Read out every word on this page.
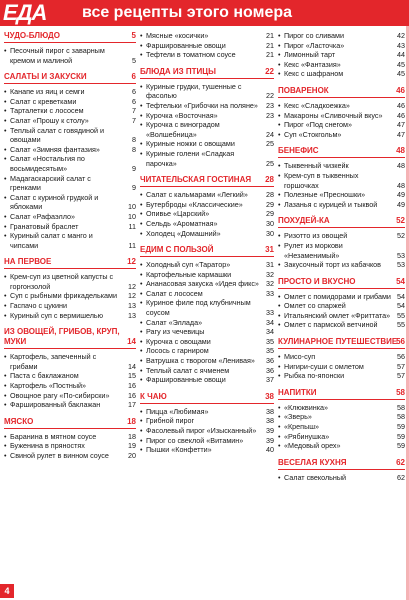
ЕДА все рецепты этого номера
ЧУДО-БЛЮДО	5
• Песочный пирог с заварным кремом и малиной	5
САЛАТЫ И ЗАКУСКИ	6
• Канапе из яиц и семги	6
• Салат с креветками	6
• Тарталетки с лососем	7
• Салат «Прошу к столу»	7
• Теплый салат с говядиной и овощами	8
• Салат «Зимняя фантазия»	8
• Салат «Ностальгия по восьмидесятым»	9
• Мадагаскарский салат с гренками	9
• Салат с куриной грудкой и яблоками	10
• Салат «Рафаэлло»	10
• Гранатовый браслет	11
• Куриный салат с манго и чипсами	11
НА ПЕРВОЕ	12
• Крем-суп из цветной капусты с горгонзолой	12
• Суп с рыбными фрикадельками 12
• Гаспачо с цукини	13
• Куриный суп с вермишелью	13
ИЗ ОВОЩЕЙ, ГРИБОВ, КРУП, МУКИ	14
• Картофель, запеченный с грибами	14
• Паста с баклажаном	15
• Картофель «Постный»	16
• Овощное рагу «По-сибирски»	16
• Фаршированный баклажан	17
МЯСКО	18
• Баранина в мятном соусе	18
• Буженина в пряностях	19
• Свиной рулет в винном соусе	20
• Мясные «косички»	21
• Фаршированные овощи	21
• Тефтели в томатном соусе	21
БЛЮДА ИЗ ПТИЦЫ	22
• Куриные грудки, тушенные с фасолью	22
• Тефтельки «Грибочки на поляне» 23
• Курочка «Восточная»	23
• Курочка с виноградом «Волшебница»	24
• Куриные ножки с овощами	25
• Куриные голени «Сладкая парочка»	25
ЧИТАТЕЛЬСКАЯ ГОСТИНАЯ 28
• Салат с кальмарами «Легкий»	28
• Бутерброды «Классические»	29
• Опивье «Царский»	29
• Сельдь «Ароматная»	30
• Холодец «Домашний»	30
ЕДИМ С ПОЛЬЗОЙ	31
• Холодный суп «Таратор»	31
• Картофельные кармашки	32
• Ананасовая закуска «Идея фикс» 32
• Салат с лососем	33
• Куриное филе под клубничным соусом	33
• Салат «Эллада»	34
• Рагу из чечевицы	34
• Курочка с овощами	35
• Лосось с гарниром	35
• Ватрушка с творогом «Ленивая» 36
• Теплый салат с ячменем	36
• Фаршированные овощи	37
К ЧАЮ	38
• Пицца «Любимая»	38
• Грибной пирог	38
• Фасолевый пирог «Изысканный» 39
• Пирог со свеклой «Витамин»	39
• Пышки «Конфетти»	40
• Пирог со сливами	42
• Пирог «Ласточка»	43
• Лимонный тарт	44
• Кекс «Фантазия»	45
• Кекс с шафраном	45
ПОВАРЕНОК	46
• Кекс «Сладкоежка»	46
• Макароны «Сливочный вкус» 46
• Пирог «Под снегом»	47
• Суп «Стокгольм»	47
БЕНЕФИС	48
• Тыквенный чизкейк	48
• Крем-суп в тыквенных горшочках	48
• Полезные «Пресношки»	49
• Лазанья с курицей и тыквой	49
ПОХУДЕЙ-КА	52
• Ризотто из овощей	52
• Рулет из моркови «Незаменимый»	53
• Закусочный торт из кабачков 53
ПРОСТО И ВКУСНО	54
• Омлет с помидорами и грибами 54
• Омлет со спаржей	54
• Итальянский омлет «Фриттата» 55
• Омлет с пармской ветчиной	55
КУЛИНАРНОЕ ПУТЕШЕСТВИЕ
56
• Мисо-суп	56
• Нигири-суши с омлетом	57
• Рыбка по-японски	57
НАПИТКИ	58
• «Клюквинка»	58
• «Зверь»	58
• «Крепыш»	59
• «Рябинушка»	59
• «Медовый орех»	59
ВЕСЕЛАЯ КУХНЯ	62
• Салат свекольный	62
4
